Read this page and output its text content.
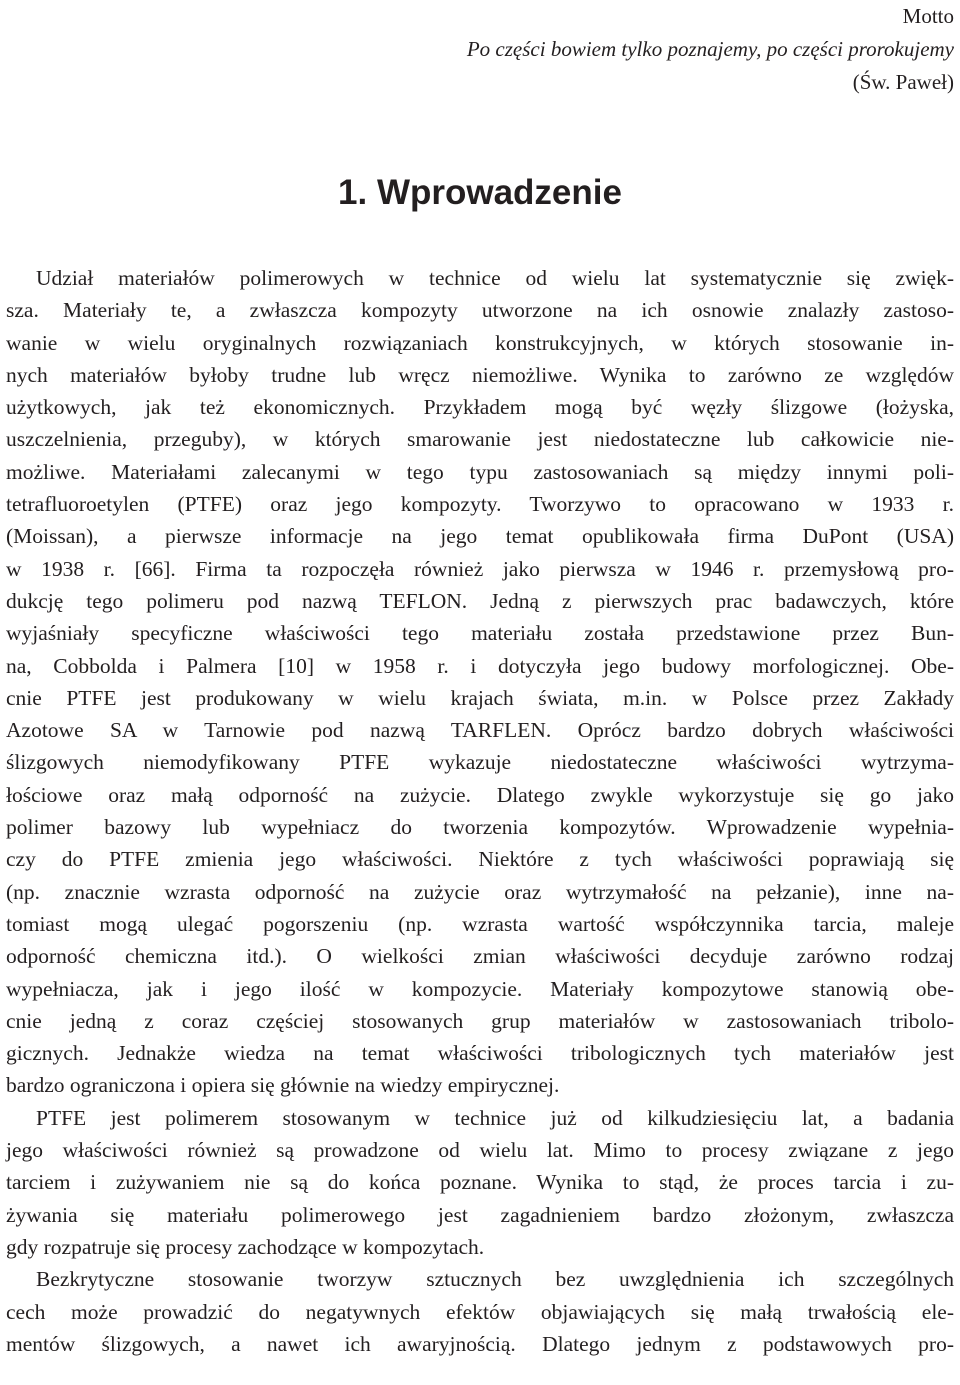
Motto
Po części bowiem tylko poznajemy, po części prorokujemy
(Św. Paweł)
1. Wprowadzenie
Udział materiałów polimerowych w technice od wielu lat systematycznie się zwięk-
sza. Materiały te, a zwłaszcza kompozyty utworzone na ich osnowie znalazły zastoso-
wanie w wielu oryginalnych rozwiązaniach konstrukcyjnych, w których stosowanie in-
nych materiałów byłoby trudne lub wręcz niemożliwe. Wynika to zarówno ze względów
użytkowych, jak też ekonomicznych. Przykładem mogą być węzły ślizgowe (łożyska,
uszczelnienia, przeguby), w których smarowanie jest niedostateczne lub całkowicie nie-
możliwe. Materiałami zalecanymi w tego typu zastosowaniach są między innymi poli-
tetrafluoroetylen (PTFE) oraz jego kompozyty. Tworzywo to opracowano w 1933 r.
(Moissan), a pierwsze informacje na jego temat opublikowała firma DuPont (USA)
w 1938 r. [66]. Firma ta rozpoczęła również jako pierwsza w 1946 r. przemysłową pro-
dukcję tego polimeru pod nazwą TEFLON. Jedną z pierwszych prac badawczych, które
wyjaśniały specyficzne właściwości tego materiału została przedstawione przez Bun-
na, Cobbolda i Palmera [10] w 1958 r. i dotyczyła jego budowy morfologicznej. Obe-
cnie PTFE jest produkowany w wielu krajach świata, m.in. w Polsce przez Zakłady
Azotowe SA w Tarnowie pod nazwą TARFLEN. Oprócz bardzo dobrych właściwości
ślizgowych niemodyfikowany PTFE wykazuje niedostateczne właściwości wytrzyma-
łościowe oraz małą odporność na zużycie. Dlatego zwykle wykorzystuje się go jako
polimer bazowy lub wypełniacz do tworzenia kompozytów. Wprowadzenie wypełnia-
czy do PTFE zmienia jego właściwości. Niektóre z tych właściwości poprawiają się
(np. znacznie wzrasta odporność na zużycie oraz wytrzymałość na pełzanie), inne na-
tomiast mogą ulegać pogorszeniu (np. wzrasta wartość współczynnika tarcia, maleje
odporność chemiczna itd.). O wielkości zmian właściwości decyduje zarówno rodzaj
wypełniacza, jak i jego ilość w kompozycie. Materiały kompozytowe stanowią obe-
cnie jedną z coraz częściej stosowanych grup materiałów w zastosowaniach tribolo-
gicznych. Jednakże wiedza na temat właściwości tribologicznych tych materiałów jest
bardzo ograniczona i opiera się głównie na wiedzy empirycznej.
PTFE jest polimerem stosowanym w technice już od kilkudziesięciu lat, a badania
jego właściwości również są prowadzone od wielu lat. Mimo to procesy związane z jego
tarciem i zużywaniem nie są do końca poznane. Wynika to stąd, że proces tarcia i zu-
żywania się materiału polimerowego jest zagadnieniem bardzo złożonym, zwłaszcza
gdy rozpatruje się procesy zachodzące w kompozytach.
Bezkrytyczne stosowanie tworzyw sztucznych bez uwzględnienia ich szczególnych
cech może prowadzić do negatywnych efektów objawiających się małą trwałością ele-
mentów ślizgowych, a nawet ich awaryjnością. Dlatego jednym z podstawowych pro-
